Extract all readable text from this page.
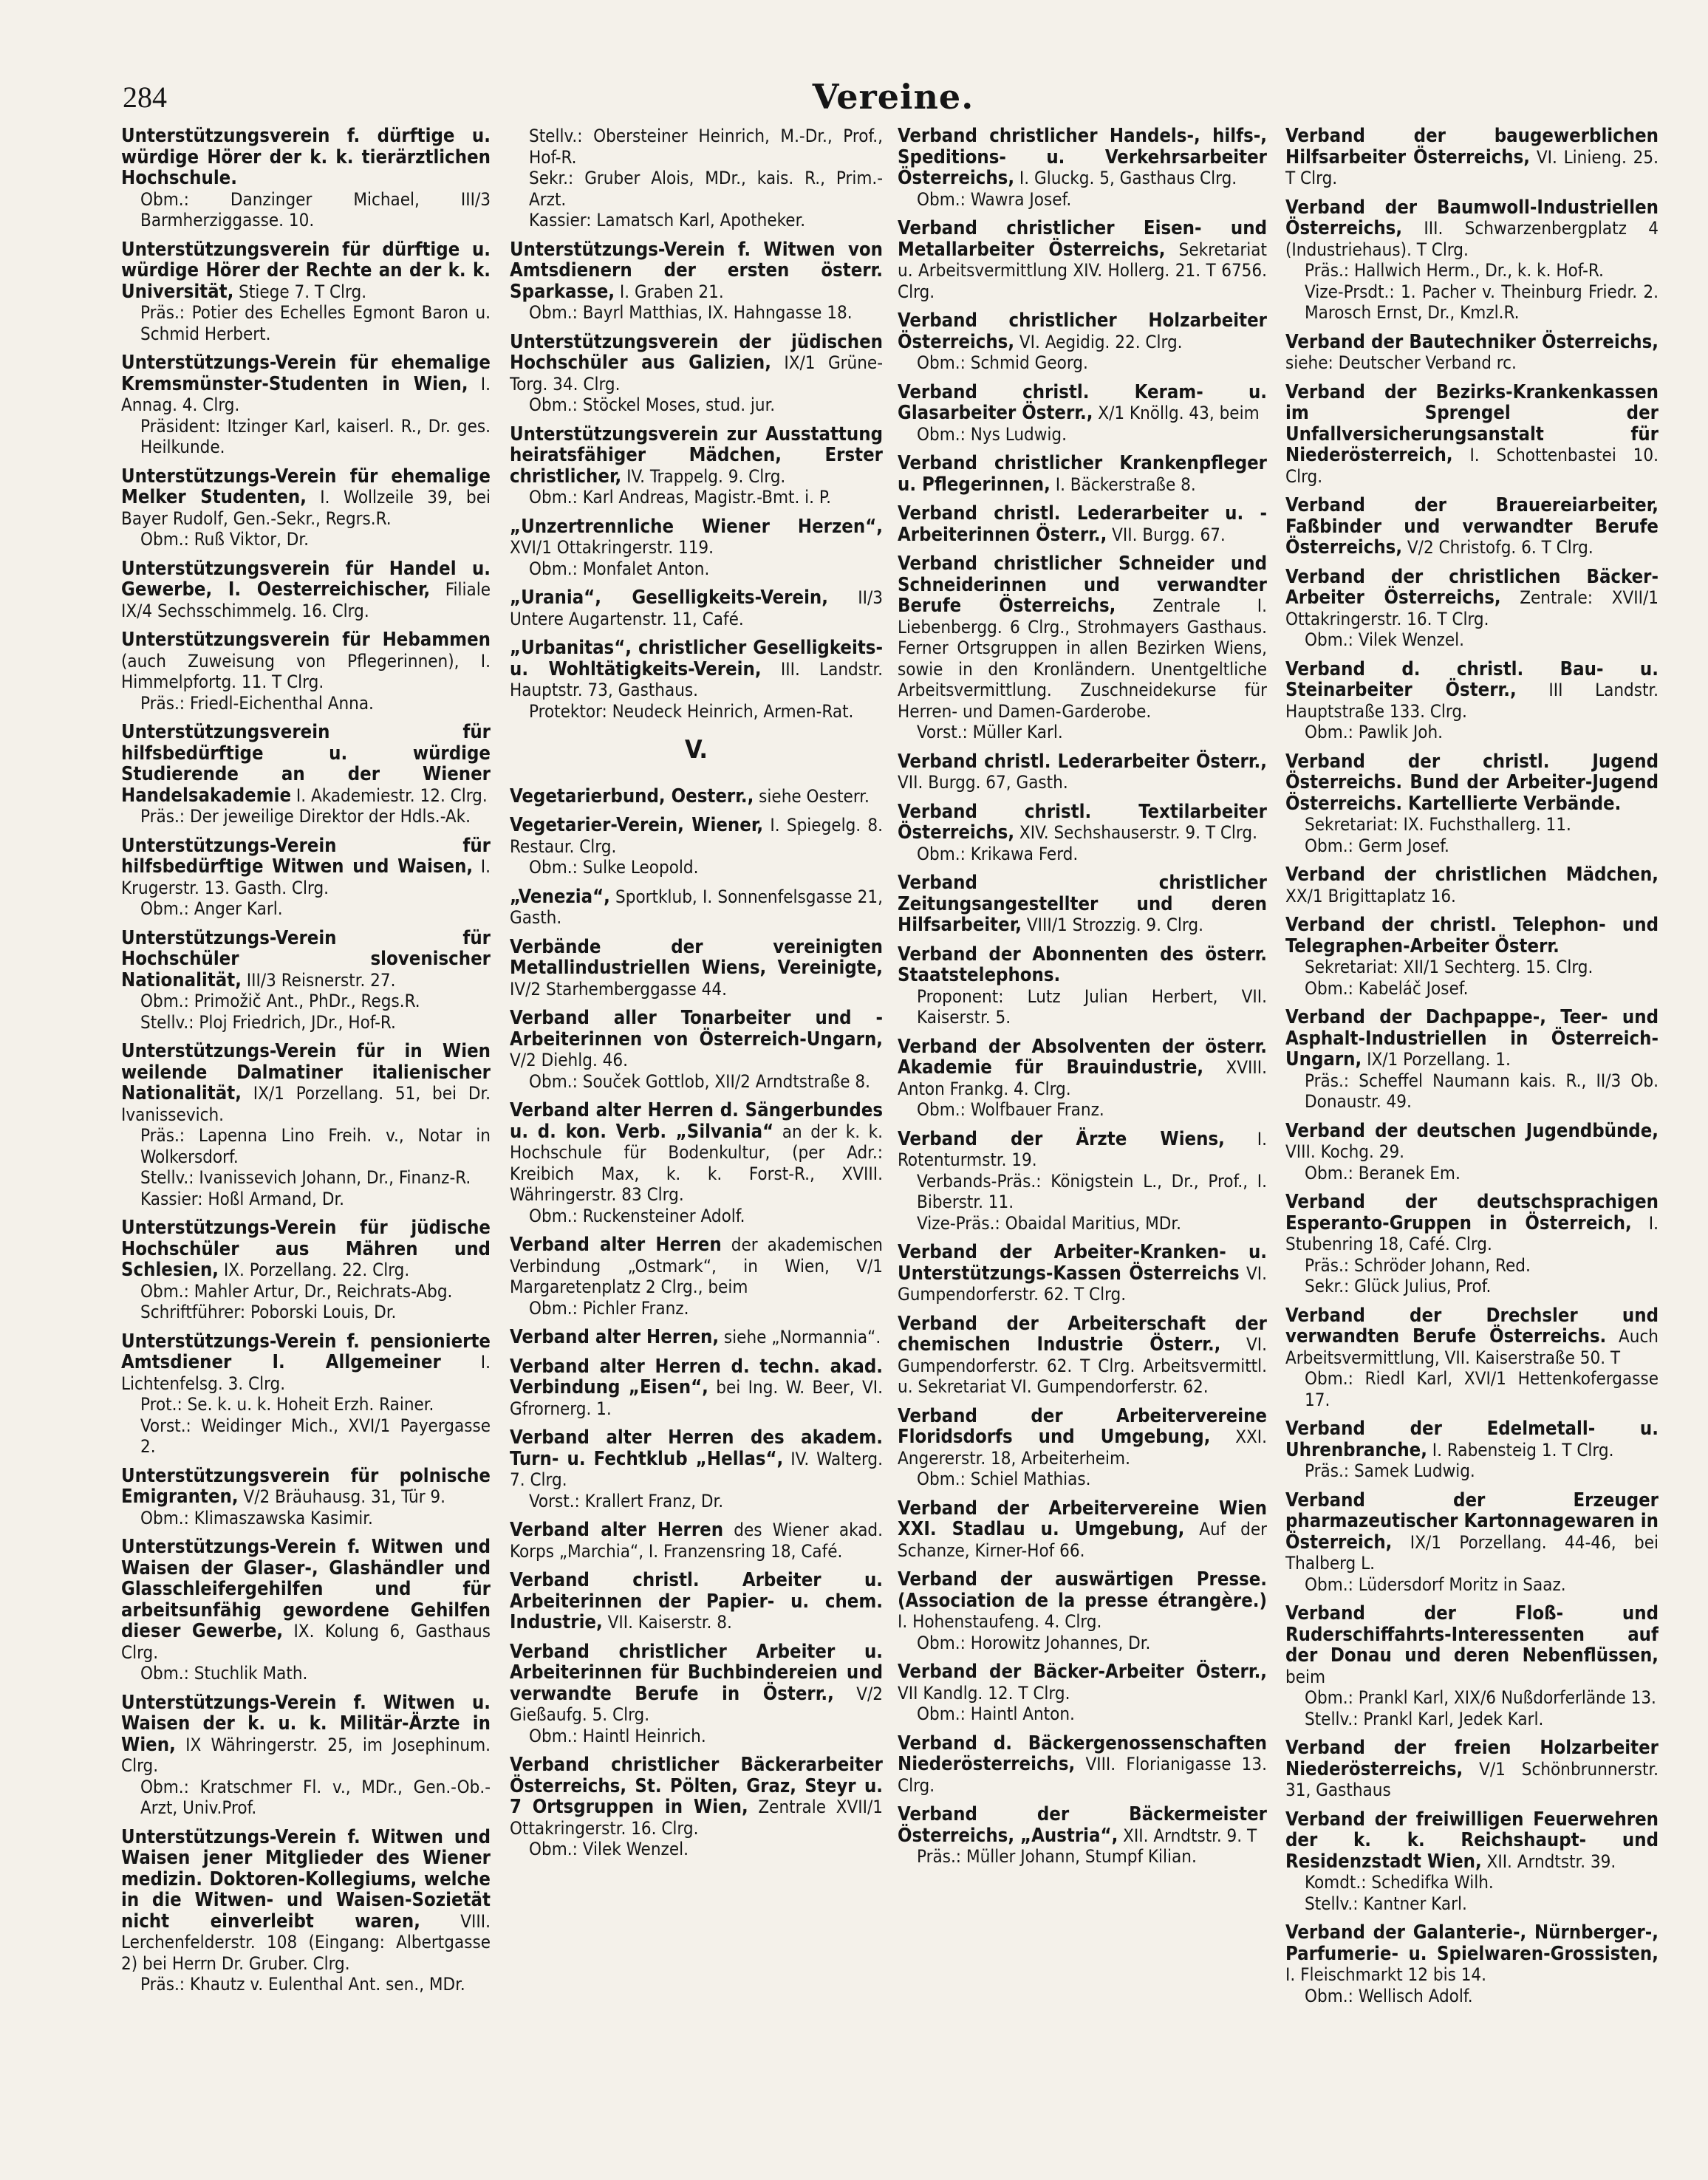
284	Vereine.
Unterstützungsverein f. dürftige u. würdige Hörer der k. k. tierärztlichen Hochschule.
Obm.: Danzinger Michael, III/3 Barmherziggasse. 10.
Unterstützungsverein für dürftige u. würdige Hörer der Rechte an der k. k. Universität, Stiege 7. T Clrg.
Präs.: Potier des Echelles Egmont Baron u. Schmid Herbert.
Unterstützungs-Verein für ehemalige Kremsmünster-Studenten in Wien, I. Annag. 4. Clrg.
Präsident: Itzinger Karl, kaiserl. R., Dr. ges. Heilkunde.
Unterstützungs-Verein für ehemalige Melker Studenten, I. Wollzeile 39, bei Bayer Rudolf, Gen.-Sekr., Regrs.R.
Obm.: Ruß Viktor, Dr.
Unterstützungsverein für Handel u. Gewerbe, I. Oesterreichischer, Filiale IX/4 Sechsschimmelg. 16. Clrg.
Unterstützungsverein für Hebammen (auch Zuweisung von Pflegerinnen), I. Himmelpfortg. 11. T Clrg.
Präs.: Friedl-Eichenthal Anna.
Unterstützungsverein für hilfsbedürftige u. würdige Studierende an der Wiener Handelsakademie I. Akademiestr. 12. Clrg.
Präs.: Der jeweilige Direktor der Hdls.-Ak.
Unterstützungs-Verein für hilfsbedürftige Witwen und Waisen, I. Krugerstr. 13. Gasth. Clrg.
Obm.: Anger Karl.
Unterstützungs-Verein für Hochschüler slovenischer Nationalität, III/3 Reisnerstr. 27.
Obm.: Primožič Ant., PhDr., Regs.R.
Stellv.: Ploj Friedrich, JDr., Hof-R.
Unterstützungs-Verein für in Wien weilende Dalmatiner italienischer Nationalität, IX/1 Porzellang. 51, bei Dr. Ivanissevich.
Präs.: Lapenna Lino Freih. v., Notar in Wolkersdorf.
Stellv.: Ivanissevich Johann, Dr., Finanz-R.
Kassier: Hoßl Armand, Dr.
Unterstützungs-Verein für jüdische Hochschüler aus Mähren und Schlesien, IX. Porzellang. 22. Clrg.
Obm.: Mahler Artur, Dr., Reichrats-Abg.
Schriftführer: Poborski Louis, Dr.
Unterstützungs-Verein f. pensionierte Amtsdiener I. Allgemeiner I. Lichtenfelsg. 3. Clrg.
Prot.: Se. k. u. k. Hoheit Erzh. Rainer.
Vorst.: Weidinger Mich., XVI/1 Payergasse 2.
Unterstützungsverein für polnische Emigranten, V/2 Bräuhausg. 31, Tür 9.
Obm.: Klimaszawska Kasimir.
Unterstützungs-Verein f. Witwen und Waisen der Glaser-, Glashändler und Glasschleifergehilfen und für arbeitsunfähig gewordene Gehilfen dieser Gewerbe, IX. Kolung 6, Gasthaus Clrg.
Obm.: Stuchlik Math.
Unterstützungs-Verein f. Witwen u. Waisen der k. u. k. Militär-Ärzte in Wien, IX Währingerstr. 25, im Josephinum. Clrg.
Obm.: Kratschmer Fl. v., MDr., Gen.-Ob.-Arzt, Univ.Prof.
Unterstützungs-Verein f. Witwen und Waisen jener Mitglieder des Wiener medizin. Doktoren-Kollegiums, welche in die Witwen- und Waisen-Sozietät nicht einverleibt waren, VIII. Lerchenfelderstr. 108 (Eingang: Albertgasse 2) bei Herrn Dr. Gruber. Clrg.
Präs.: Khautz v. Eulenthal Ant. sen., MDr.
Stellv.: Obersteiner Heinrich, M.-Dr., Prof., Hof-R.
Sekr.: Gruber Alois, MDr., kais. R., Prim.-Arzt.
Kassier: Lamatsch Karl, Apotheker.
Unterstützungs-Verein f. Witwen von Amtsdienern der ersten österr. Sparkasse, I. Graben 21.
Obm.: Bayrl Matthias, IX. Hahngasse 18.
Unterstützungsverein der jüdischen Hochschüler aus Galizien, IX/1 Grüne-Torg. 34. Clrg.
Obm.: Stöckel Moses, stud. jur.
Unterstützungsverein zur Ausstattung heiratsfähiger Mädchen, Erster christlicher, IV. Trappelg. 9. Clrg.
Obm.: Karl Andreas, Magistr.-Bmt. i. P.
„Unzertrennliche Wiener Herzen“, XVI/1 Ottakringerstr. 119.
Obm.: Monfalet Anton.
„Urania“, Geselligkeits-Verein, II/3 Untere Augartenstr. 11, Café.
„Urbanitas“, christlicher Geselligkeits- u. Wohltätigkeits-Verein, III. Landstr. Hauptstr. 73, Gasthaus.
Protektor: Neudeck Heinrich, Armen-Rat.
V.
Vegetarierbund, Oesterr., siehe Oesterr.
Vegetarier-Verein, Wiener, I. Spiegelg. 8. Restaur. Clrg.
Obm.: Sulke Leopold.
„Venezia“, Sportklub, I. Sonnenfelsgasse 21, Gasth.
Verbände der vereinigten Metallindustriellen Wiens, Vereinigte, IV/2 Starhemberggasse 44.
Verband aller Tonarbeiter und -Arbeiterinnen von Österreich-Ungarn, V/2 Diehlg. 46.
Obm.: Souček Gottlob, XII/2 Arndtstraße 8.
Verband alter Herren d. Sängerbundes u. d. kon. Verb. „Silvania“ an der k. k. Hochschule für Bodenkultur, (per Adr.: Kreibich Max, k. k. Forst-R., XVIII. Währingerstr. 83 Clrg.
Obm.: Ruckensteiner Adolf.
Verband alter Herren der akademischen Verbindung „Ostmark“, in Wien, V/1 Margaretenplatz 2 Clrg., beim
Obm.: Pichler Franz.
Verband alter Herren, siehe „Normannia“.
Verband alter Herren d. techn. akad. Verbindung „Eisen“, bei Ing. W. Beer, VI. Gfrornerg. 1.
Verband alter Herren des akadem. Turn- u. Fechtklub „Hellas“, IV. Walterg. 7. Clrg.
Vorst.: Krallert Franz, Dr.
Verband alter Herren des Wiener akad. Korps „Marchia“, I. Franzensring 18, Café.
Verband christl. Arbeiter u. Arbeiterinnen der Papier- u. chem. Industrie, VII. Kaiserstr. 8.
Verband christlicher Arbeiter u. Arbeiterinnen für Buchbindereien und verwandte Berufe in Österr., V/2 Gießaufg. 5. Clrg.
Obm.: Haintl Heinrich.
Verband christlicher Bäckerarbeiter Österreichs, St. Pölten, Graz, Steyr u. 7 Ortsgruppen in Wien, Zentrale XVII/1 Ottakringerstr. 16. Clrg.
Obm.: Vilek Wenzel.
Verband christlicher Handels-, hilfs-, Speditions- u. Verkehrsarbeiter Österreichs, I. Gluckg. 5, Gasthaus Clrg.
Obm.: Wawra Josef.
Verband christlicher Eisen- und Metallarbeiter Österreichs, Sekretariat u. Arbeitsvermittlung XIV. Hollerg. 21. T 6756. Clrg.
Verband christlicher Holzarbeiter Österreichs, VI. Aegidig. 22. Clrg.
Obm.: Schmid Georg.
Verband christl. Keram- u. Glasarbeiter Österr., X/1 Knöllg. 43, beim
Obm.: Nys Ludwig.
Verband christlicher Krankenpfleger u. Pflegerinnen, I. Bäckerstraße 8.
Verband christl. Lederarbeiter u. -Arbeiterinnen Österr., VII. Burgg. 67.
Verband christlicher Schneider und Schneiderinnen und verwandter Berufe Österreichs, Zentrale I. Liebenbergg. 6 Clrg., Strohmayers Gasthaus. Ferner Ortsgruppen in allen Bezirken Wiens, sowie in den Kronländern. Unentgeltliche Arbeitsvermittlung. Zuschneidekurse für Herren- und Damen-Garderobe.
Vorst.: Müller Karl.
Verband christl. Lederarbeiter Österr., VII. Burgg. 67, Gasth.
Verband christl. Textilarbeiter Österreichs, XIV. Sechshauserstr. 9. T Clrg.
Obm.: Krikawa Ferd.
Verband christlicher Zeitungsangestellter und deren Hilfsarbeiter, VIII/1 Strozzig. 9. Clrg.
Verband der Abonnenten des österr. Staatstelephons.
Proponent: Lutz Julian Herbert, VII. Kaiserstr. 5.
Verband der Absolventen der österr. Akademie für Brauindustrie, XVIII. Anton Frankg. 4. Clrg.
Obm.: Wolfbauer Franz.
Verband der Ärzte Wiens, I. Rotenturmstr. 19.
Verbands-Präs.: Königstein L., Dr., Prof., I. Biberstr. 11.
Vize-Präs.: Obaidal Maritius, MDr.
Verband der Arbeiter-Kranken- u. Unterstützungs-Kassen Österreichs VI. Gumpendorferstr. 62. T Clrg.
Verband der Arbeiterschaft der chemischen Industrie Österr., VI. Gumpendorferstr. 62. T Clrg. Arbeitsvermittl. u. Sekretariat VI. Gumpendorferstr. 62.
Verband der Arbeitervereine Floridsdorfs und Umgebung, XXI. Angererstr. 18, Arbeiterheim.
Obm.: Schiel Mathias.
Verband der Arbeitervereine Wien XXI. Stadlau u. Umgebung, Auf der Schanze, Kirner-Hof 66.
Verband der auswärtigen Presse. (Association de la presse étrangère.) I. Hohenstaufeng. 4. Clrg.
Obm.: Horowitz Johannes, Dr.
Verband der Bäcker-Arbeiter Österr., VII Kandlg. 12. T Clrg.
Obm.: Haintl Anton.
Verband d. Bäckergenossenschaften Niederösterreichs, VIII. Florianigasse 13. Clrg.
Verband der Bäckermeister Österreichs, „Austria“, XII. Arndtstr. 9. T
Präs.: Müller Johann, Stumpf Kilian.
Verband der baugewerblichen Hilfsarbeiter Österreichs, VI. Linieng. 25. T Clrg.
Verband der Baumwoll-Industriellen Österreichs, III. Schwarzenbergplatz 4 (Industriehaus). T Clrg.
Präs.: Hallwich Herm., Dr., k. k. Hof-R.
Vize-Prsdt.: 1. Pacher v. Theinburg Friedr. 2. Marosch Ernst, Dr., Kmzl.R.
Verband der Bautechniker Österreichs, siehe: Deutscher Verband rc.
Verband der Bezirks-Krankenkassen im Sprengel der Unfallversicherungsanstalt für Niederösterreich, I. Schottenbastei 10. Clrg.
Verband der Brauereiarbeiter, Faßbinder und verwandter Berufe Österreichs, V/2 Christofg. 6. T Clrg.
Verband der christlichen Bäcker-Arbeiter Österreichs, Zentrale: XVII/1 Ottakringerstr. 16. T Clrg.
Obm.: Vilek Wenzel.
Verband d. christl. Bau- u. Steinarbeiter Österr., III Landstr. Hauptstraße 133. Clrg.
Obm.: Pawlik Joh.
Verband der christl. Jugend Österreichs. Bund der Arbeiter-Jugend Österreichs. Kartellierte Verbände.
Sekretariat: IX. Fuchsthallerg. 11.
Obm.: Germ Josef.
Verband der christlichen Mädchen, XX/1 Brigittaplatz 16.
Verband der christl. Telephon- und Telegraphen-Arbeiter Österr.
Sekretariat: XII/1 Sechterg. 15. Clrg.
Obm.: Kabeláč Josef.
Verband der Dachpappe-, Teer- und Asphalt-Industriellen in Österreich-Ungarn, IX/1 Porzellang. 1.
Präs.: Scheffel Naumann kais. R., II/3 Ob. Donaustr. 49.
Verband der deutschen Jugendbünde, VIII. Kochg. 29.
Obm.: Beranek Em.
Verband der deutschsprachigen Esperanto-Gruppen in Österreich, I. Stubenring 18, Café. Clrg.
Präs.: Schröder Johann, Red.
Sekr.: Glück Julius, Prof.
Verband der Drechsler und verwandten Berufe Österreichs. Auch Arbeitsvermittlung, VII. Kaiserstraße 50. T
Obm.: Riedl Karl, XVI/1 Hettenkofergasse 17.
Verband der Edelmetall- u. Uhrenbranche, I. Rabensteig 1. T Clrg.
Präs.: Samek Ludwig.
Verband der Erzeuger pharmazeutischer Kartonnagewaren in Österreich, IX/1 Porzellang. 44-46, bei Thalberg L.
Obm.: Lüdersdorf Moritz in Saaz.
Verband der Floß- und Ruderschiffahrts-Interessenten auf der Donau und deren Nebenflüssen, beim
Obm.: Prankl Karl, XIX/6 Nußdorferlände 13.
Stellv.: Prankl Karl, Jedek Karl.
Verband der freien Holzarbeiter Niederösterreichs, V/1 Schönbrunnerstr. 31, Gasthaus
Verband der freiwilligen Feuerwehren der k. k. Reichshaupt- und Residenzstadt Wien, XII. Arndtstr. 39.
Komdt.: Schedifka Wilh.
Stellv.: Kantner Karl.
Verband der Galanterie-, Nürnberger-, Parfumerie- u. Spielwaren-Grossisten, I. Fleischmarkt 12 bis 14.
Obm.: Wellisch Adolf.
